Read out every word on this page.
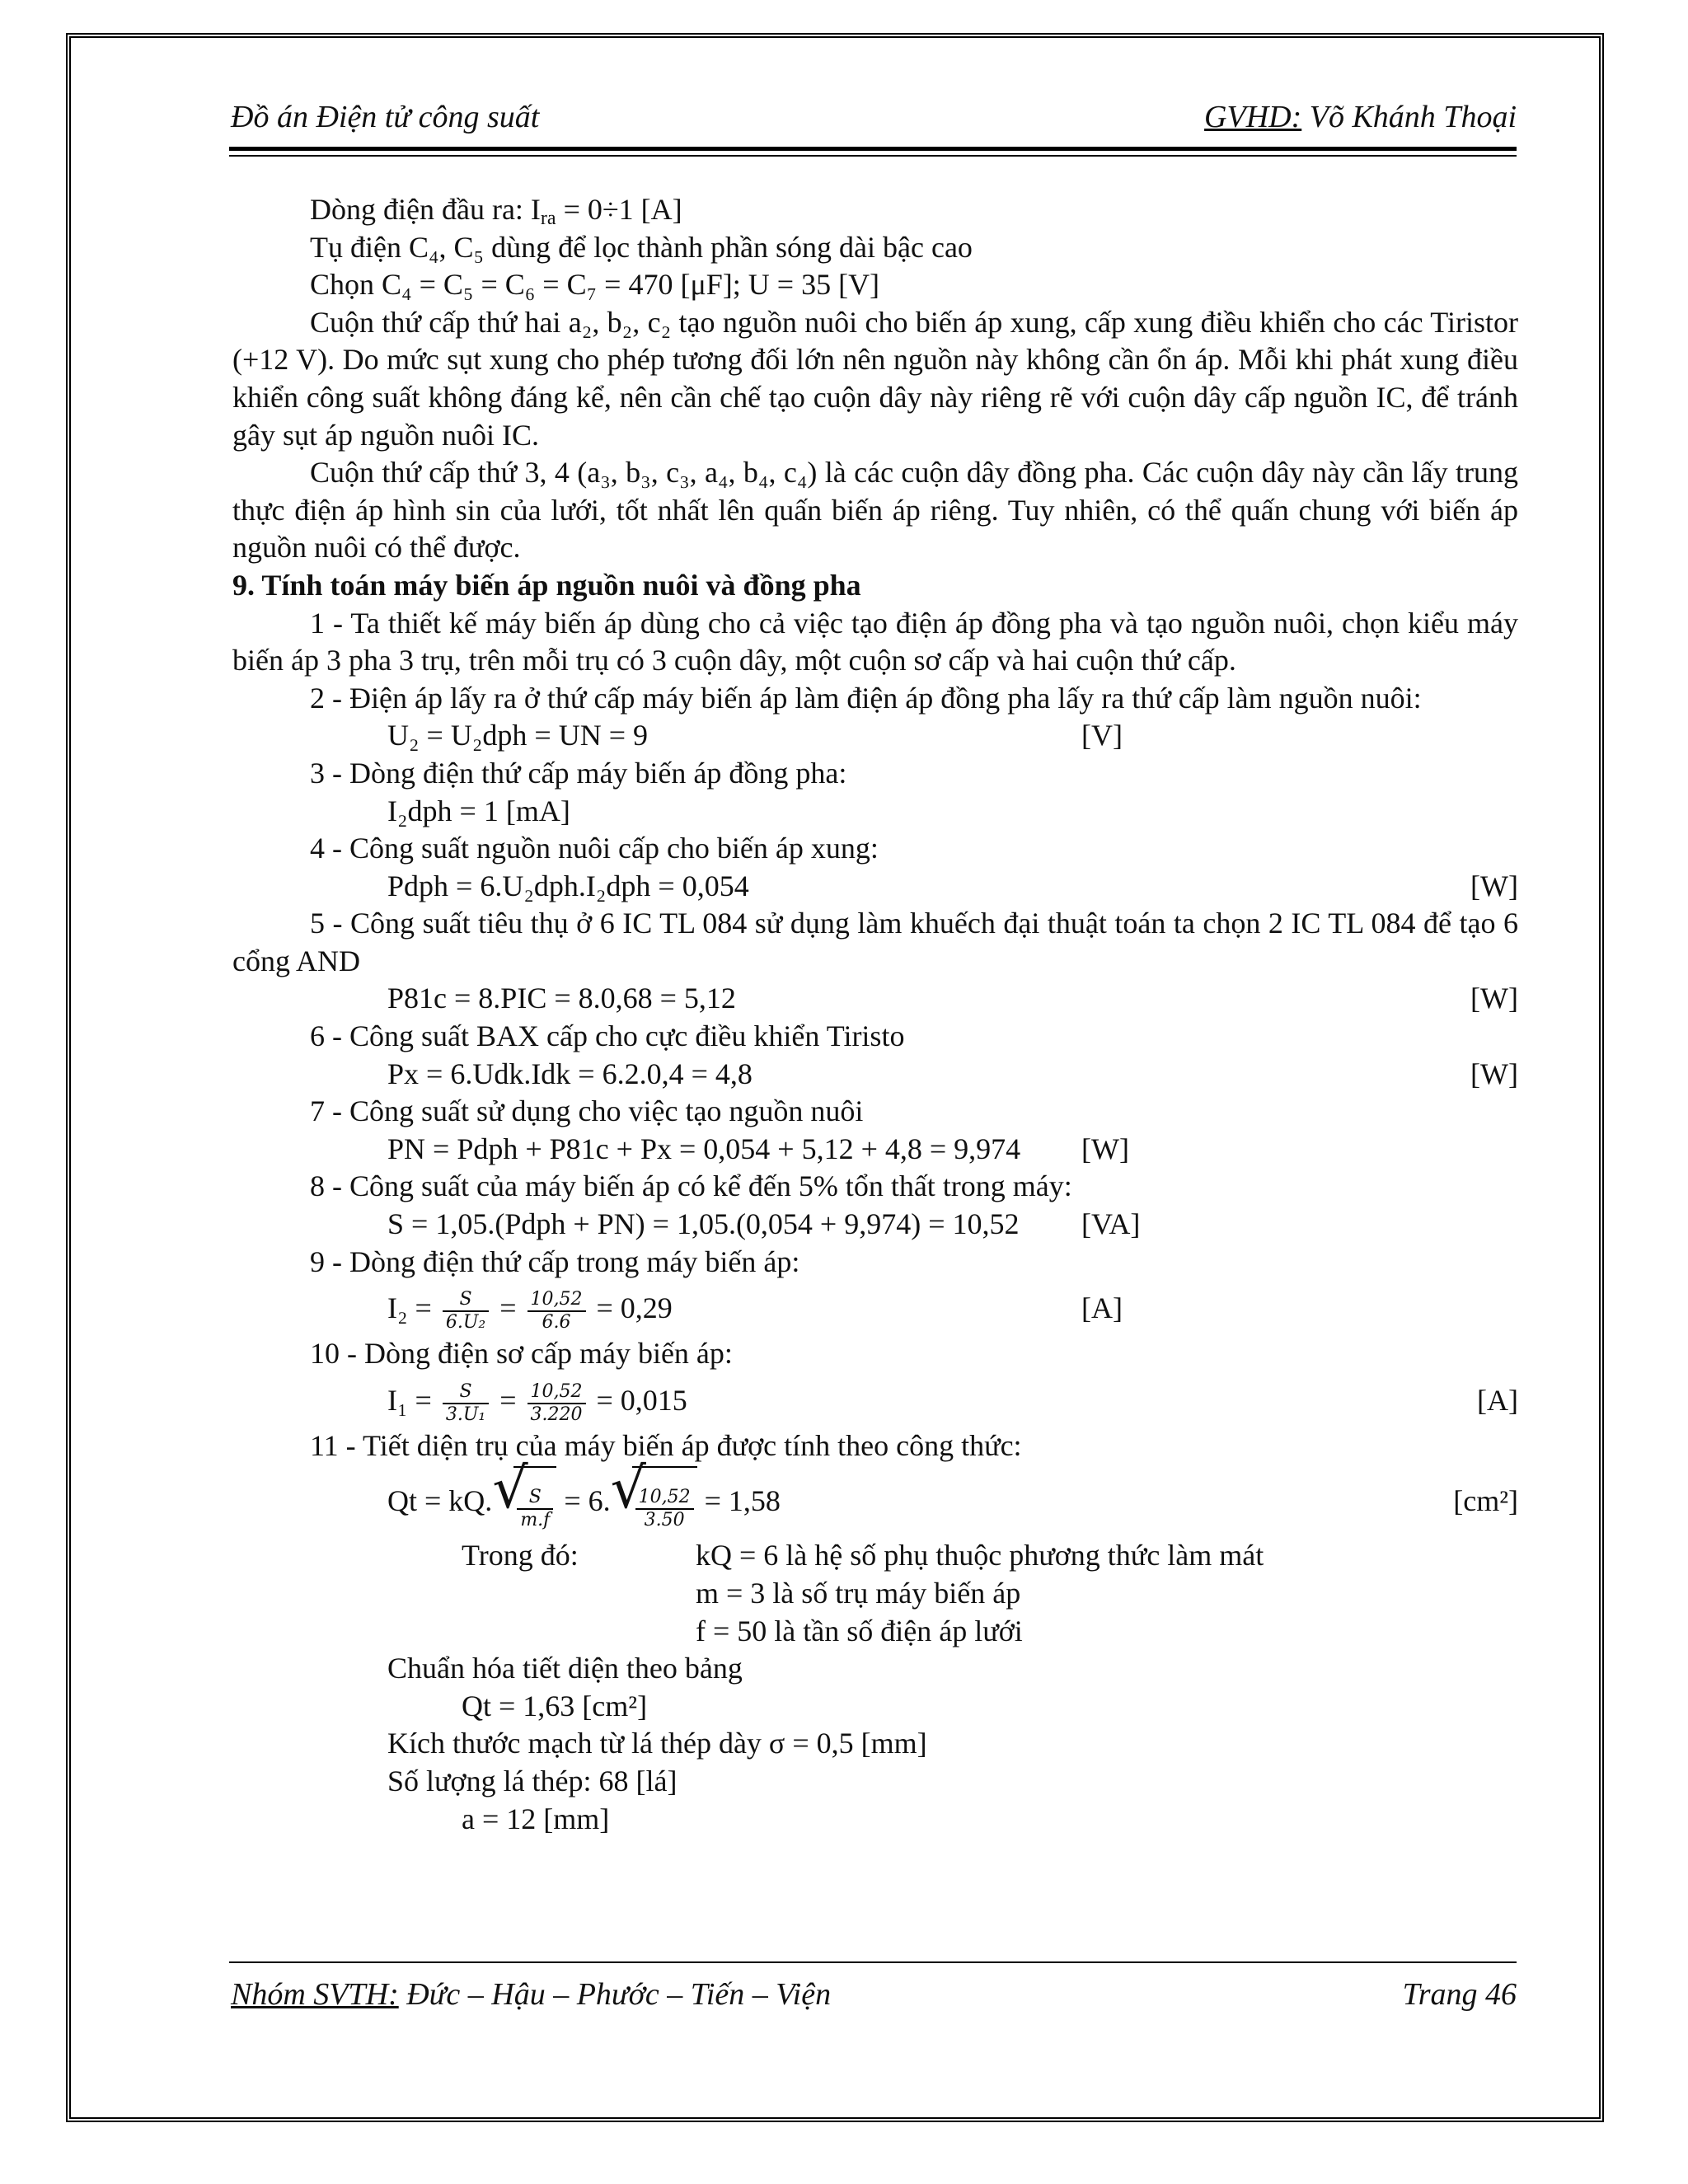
Đồ án Điện tử công suất	GVHD: Võ Khánh Thoại
Dòng điện đầu ra: $I_{ra} = 0\div 1$ [A]
Tụ điện C₄, C₅ dùng để lọc thành phần sóng dài bậc cao
Chọn C₄ = C₅ = C₆ = C₇ = 470 [μF]; U = 35 [V]
Cuộn thứ cấp thứ hai a₂, b₂, c₂ tạo nguồn nuôi cho biến áp xung, cấp xung điều khiển cho các Tiristor (+12 V). Do mức sụt xung cho phép tương đối lớn nên nguồn này không cần ổn áp. Mỗi khi phát xung điều khiển công suất không đáng kể, nên cần chế tạo cuộn dây này riêng rẽ với cuộn dây cấp nguồn IC, để tránh gây sụt áp nguồn nuôi IC.
Cuộn thứ cấp thứ 3, 4 (a₃, b₃, c₃, a₄, b₄, c₄) là các cuộn dây đồng pha. Các cuộn dây này cần lấy trung thực điện áp hình sin của lưới, tốt nhất lên quấn biến áp riêng. Tuy nhiên, có thể quấn chung với biến áp nguồn nuôi có thể được.
9. Tính toán máy biến áp nguồn nuôi và đồng pha
1 - Ta thiết kế máy biến áp dùng cho cả việc tạo điện áp đồng pha và tạo nguồn nuôi, chọn kiểu máy biến áp 3 pha 3 trụ, trên mỗi trụ có 3 cuộn dây, một cuộn sơ cấp và hai cuộn thứ cấp.
2 - Điện áp lấy ra ở thứ cấp máy biến áp làm điện áp đồng pha lấy ra thứ cấp làm nguồn nuôi:
U₂ = U₂dph = UN = 9	[V]
3 - Dòng điện thứ cấp máy biến áp đồng pha:
I₂dph = 1 [mA]
4 - Công suất nguồn nuôi cấp cho biến áp xung:
Pdph = 6.U₂dph.I₂dph = 0,054	[W]
5 - Công suất tiêu thụ ở 6 IC TL 084 sử dụng làm khuếch đại thuật toán ta chọn 2 IC TL 084 để tạo 6 cổng AND
P81c = 8.PIC = 8.0,68 = 5,12	[W]
6 - Công suất BAX cấp cho cực điều khiển Tiristo
Px = 6.Udk.Idk = 6.2.0,4 = 4,8	[W]
7 - Công suất sử dụng cho việc tạo nguồn nuôi
PN = Pdph + P81c + Px = 0,054 + 5,12 + 4,8 = 9,974 [W]
8 - Công suất của máy biến áp có kể đến 5% tổn thất trong máy:
S = 1,05.(Pdph + PN) = 1,05.(0,054 + 9,974) = 10,52 [VA]
9 - Dòng điện thứ cấp trong máy biến áp:
$I_2 = \frac{S}{\text{6.U₂}} = \frac{10,52}{6.6} = 0,29$	[A]
10 - Dòng điện sơ cấp máy biến áp:
$I_1 = \frac{S}{\text{3.U₁}} = \frac{10,52}{3.220} = 0,015$	[A]
11 - Tiết diện trụ của máy biến áp được tính theo công thức:
Qt = kQ. √
$\frac{S}{m.f} = 6$. √
$\frac{10,52}{3.50} = 1,58$	[cm²]
Trong đó:	kQ = 6 là hệ số phụ thuộc phương thức làm mát
m = 3 là số trụ máy biến áp
f = 50 là tần số điện áp lưới
Chuẩn hóa tiết diện theo bảng
Qt = 1,63 [cm²]
Kích thước mạch từ lá thép dày σ = 0,5 [mm]
Số lượng lá thép: 68 [lá]
a = 12 [mm]
Nhóm SVTH: Đức – Hậu – Phước – Tiến – Viện	Trang 46
